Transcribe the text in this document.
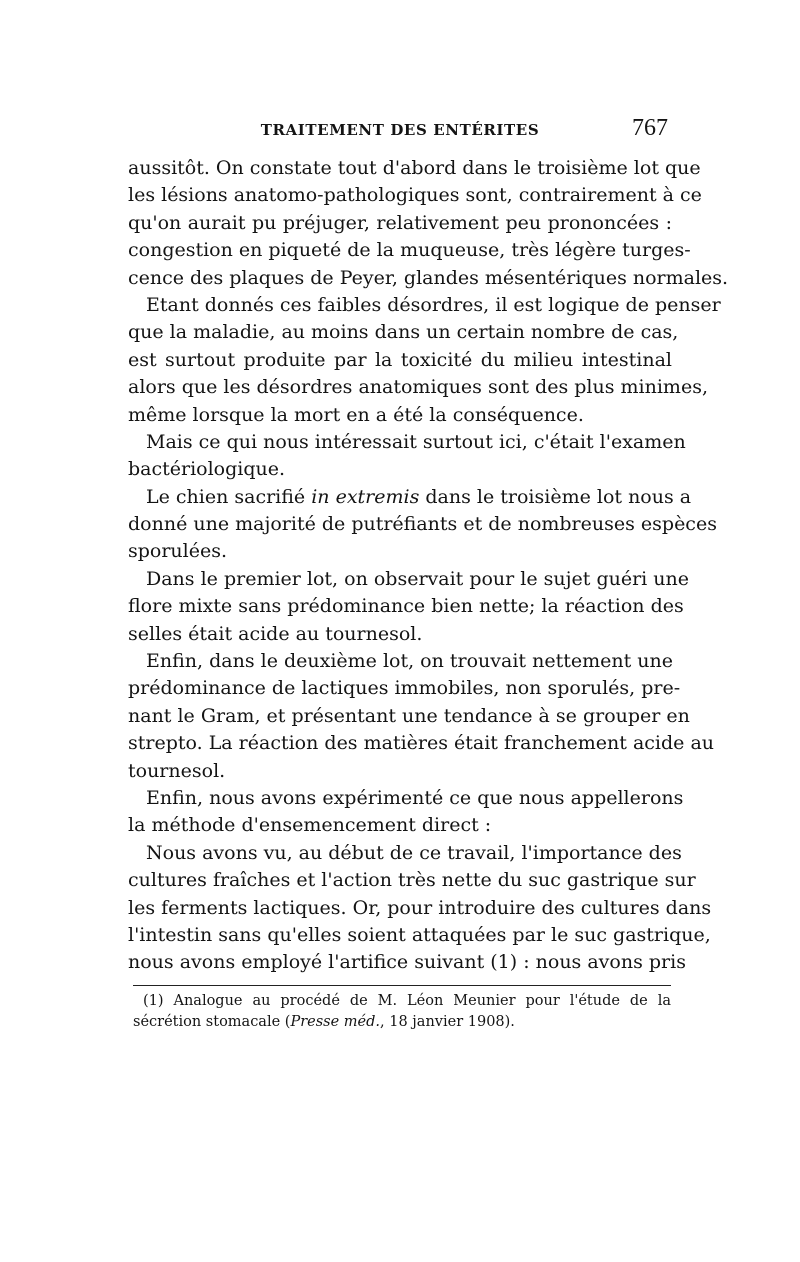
TRAITEMENT DES ENTÉRITES	767
aussitôt. On constate tout d'abord dans le troisième lot que
les lésions anatomo-pathologiques sont, contrairement à ce
qu'on aurait pu préjuger, relativement peu prononcées :
congestion en piqueté de la muqueuse, très légère turges-
cence des plaques de Peyer, glandes mésentériques normales.
Etant donnés ces faibles désordres, il est logique de penser
que la maladie, au moins dans un certain nombre de cas,
est surtout produite par la toxicité du milieu intestinal
alors que les désordres anatomiques sont des plus minimes,
même lorsque la mort en a été la conséquence.
Mais ce qui nous intéressait surtout ici, c'était l'examen
bactériologique.
Le chien sacrifié in extremis dans le troisième lot nous a
donné une majorité de putréfiants et de nombreuses espèces
sporulées.
Dans le premier lot, on observait pour le sujet guéri une
flore mixte sans prédominance bien nette; la réaction des
selles était acide au tournesol.
Enfin, dans le deuxième lot, on trouvait nettement une
prédominance de lactiques immobiles, non sporulés, pre-
nant le Gram, et présentant une tendance à se grouper en
strepto. La réaction des matières était franchement acide au
tournesol.
Enfin, nous avons expérimenté ce que nous appellerons
la méthode d'ensemencement direct :
Nous avons vu, au début de ce travail, l'importance des
cultures fraîches et l'action très nette du suc gastrique sur
les ferments lactiques. Or, pour introduire des cultures dans
l'intestin sans qu'elles soient attaquées par le suc gastrique,
nous avons employé l'artifice suivant (1) : nous avons pris
(1) Analogue au procédé de M. Léon Meunier pour l'étude de la
sécrétion stomacale (Presse méd., 18 janvier 1908).
